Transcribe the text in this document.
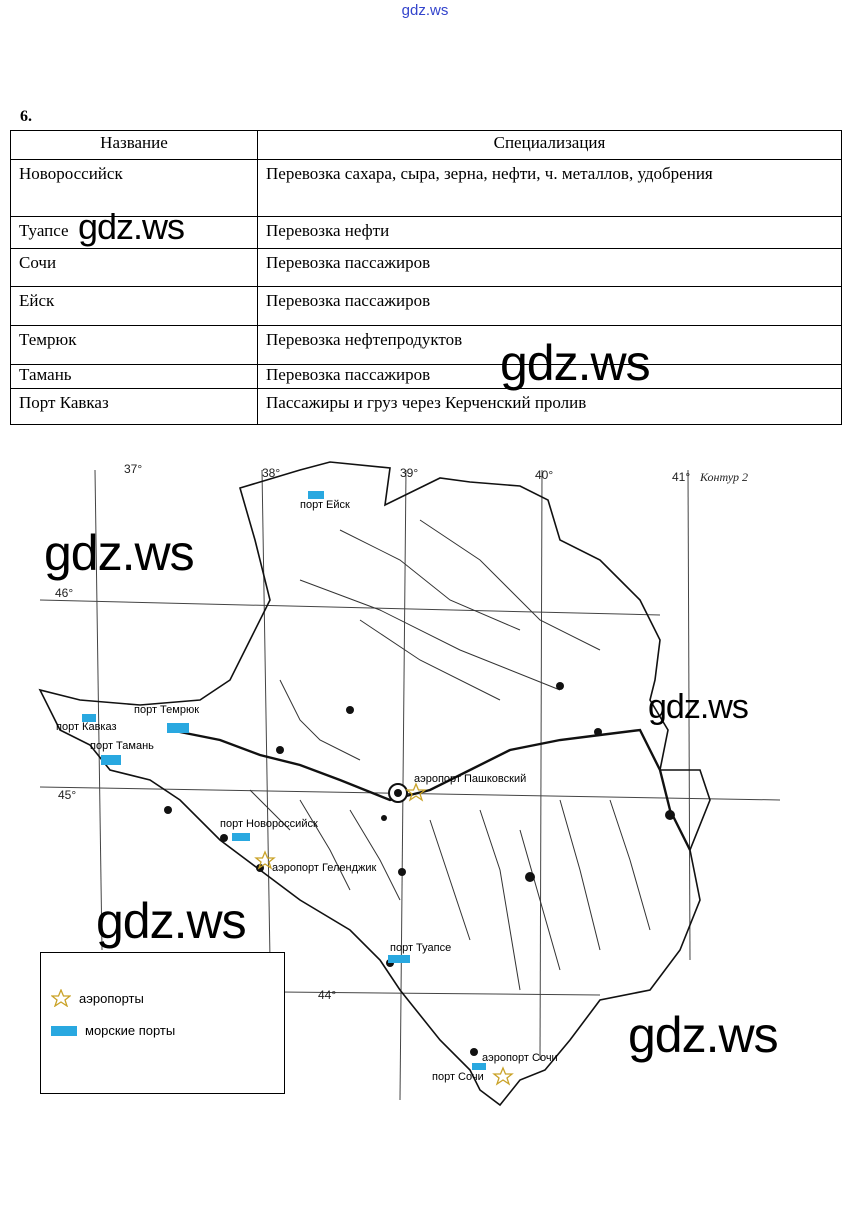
gdz.ws
6.
Название	Специализация
Новороссийск	Перевозка сахара, сыра, зерна, нефти, ч. металлов, удобрения
Туапсе	Перевозка нефти
Сочи	Перевозка пассажиров
Ейск	Перевозка пассажиров
Темрюк	Перевозка нефтепродуктов
Тамань	Перевозка пассажиров
Порт Кавказ	Пассажиры и груз через Керченский пролив
37°	38°	39°	40°	41° Контур 2
46°
45°
44°
порт Ейск
порт Темрюк
порт Кавказ
порт Тамань
аэропорт Пашковский
порт Новороссийск
аэропорт Геленджик
порт Туапсе
аэропорт Сочи
порт Сочи
аэропорты
морские порты
gdz.ws
gdz.ws
gdz.ws
gdz.ws
gdz.ws
gdz.ws
